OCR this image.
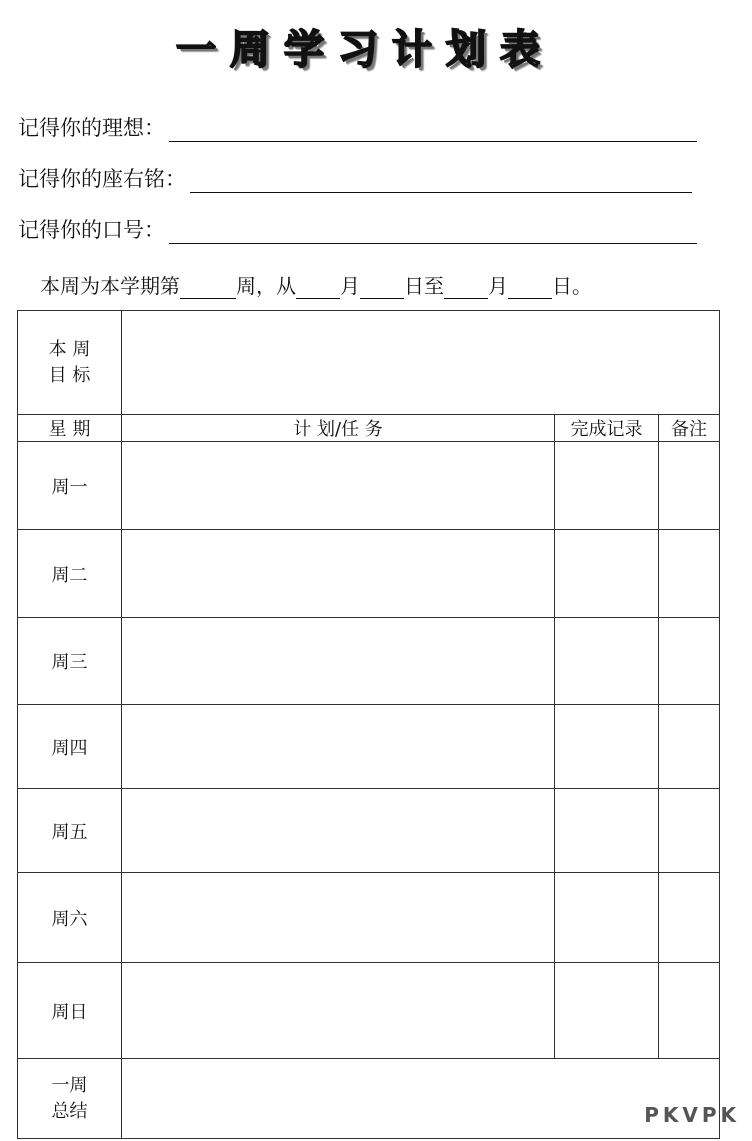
一周学习计划表
记得你的理想：
记得你的座右铭：
记得你的口号：
本周为本学期第	周，从 月 日至 月 日。
本 周
目 标			

星 期	计 划/任 务	完成记录	备注
周一			
周二			
周三			
周四			
周五			
周六			
周日			

一周
总结			
		PKVPK
